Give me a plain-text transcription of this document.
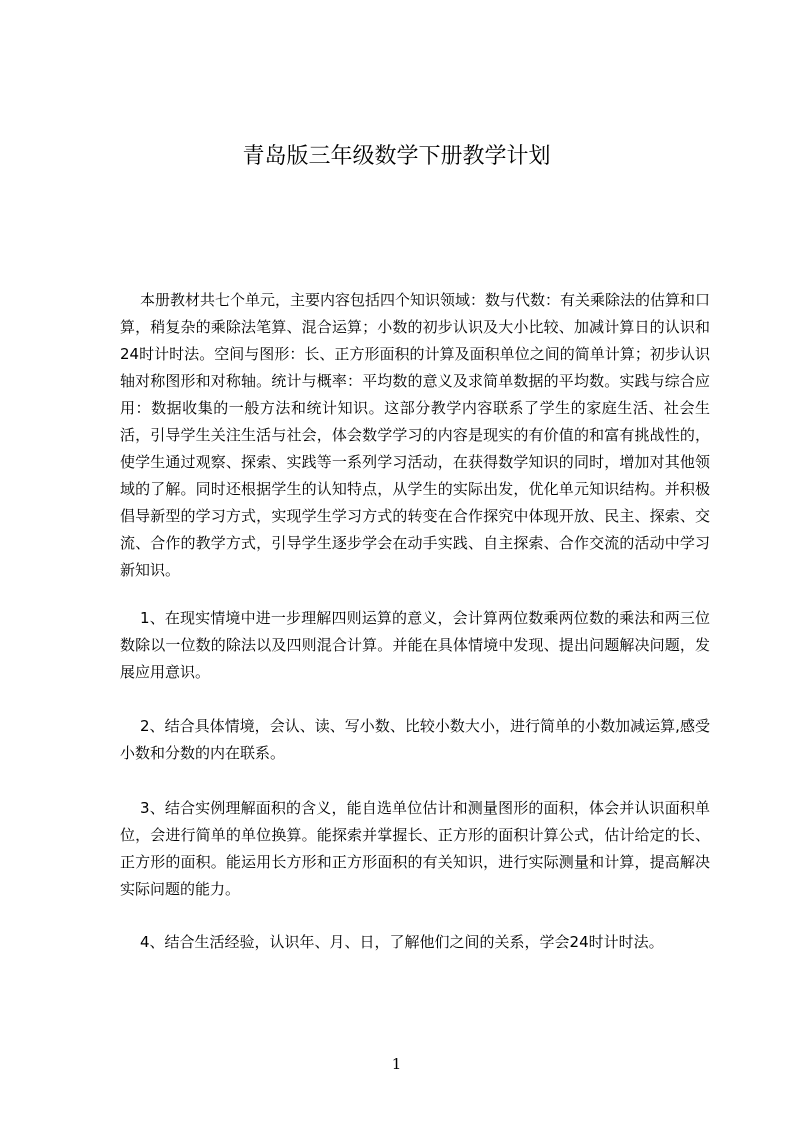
青岛版三年级数学下册教学计划

本册教材共七个单元，主要内容包括四个知识领域：数与代数：有关乘除法的估算和口算，稍复杂的乘除法笔算、混合运算；小数的初步认识及大小比较、加减计算日的认识和24时计时法。空间与图形：长、正方形面积的计算及面积单位之间的简单计算；初步认识轴对称图形和对称轴。统计与概率：平均数的意义及求简单数据的平均数。实践与综合应用：数据收集的一般方法和统计知识。这部分教学内容联系了学生的家庭生活、社会生活，引导学生关注生活与社会，体会数学学习的内容是现实的有价值的和富有挑战性的，使学生通过观察、探索、实践等一系列学习活动，在获得数学知识的同时，增加对其他领域的了解。同时还根据学生的认知特点，从学生的实际出发，优化单元知识结构。并积极倡导新型的学习方式，实现学生学习方式的转变在合作探究中体现开放、民主、探索、交流、合作的教学方式，引导学生逐步学会在动手实践、自主探索、合作交流的活动中学习新知识。

1、在现实情境中进一步理解四则运算的意义，会计算两位数乘两位数的乘法和两三位数除以一位数的除法以及四则混合计算。并能在具体情境中发现、提出问题解决问题，发展应用意识。

2、结合具体情境，会认、读、写小数、比较小数大小，进行简单的小数加减运算,感受小数和分数的内在联系。

3、结合实例理解面积的含义，能自选单位估计和测量图形的面积，体会并认识面积单位，会进行简单的单位换算。能探索并掌握长、正方形的面积计算公式，估计给定的长、正方形的面积。能运用长方形和正方形面积的有关知识，进行实际测量和计算，提高解决实际问题的能力。

4、结合生活经验，认识年、月、日，了解他们之间的关系，学会24时计时法。

1
